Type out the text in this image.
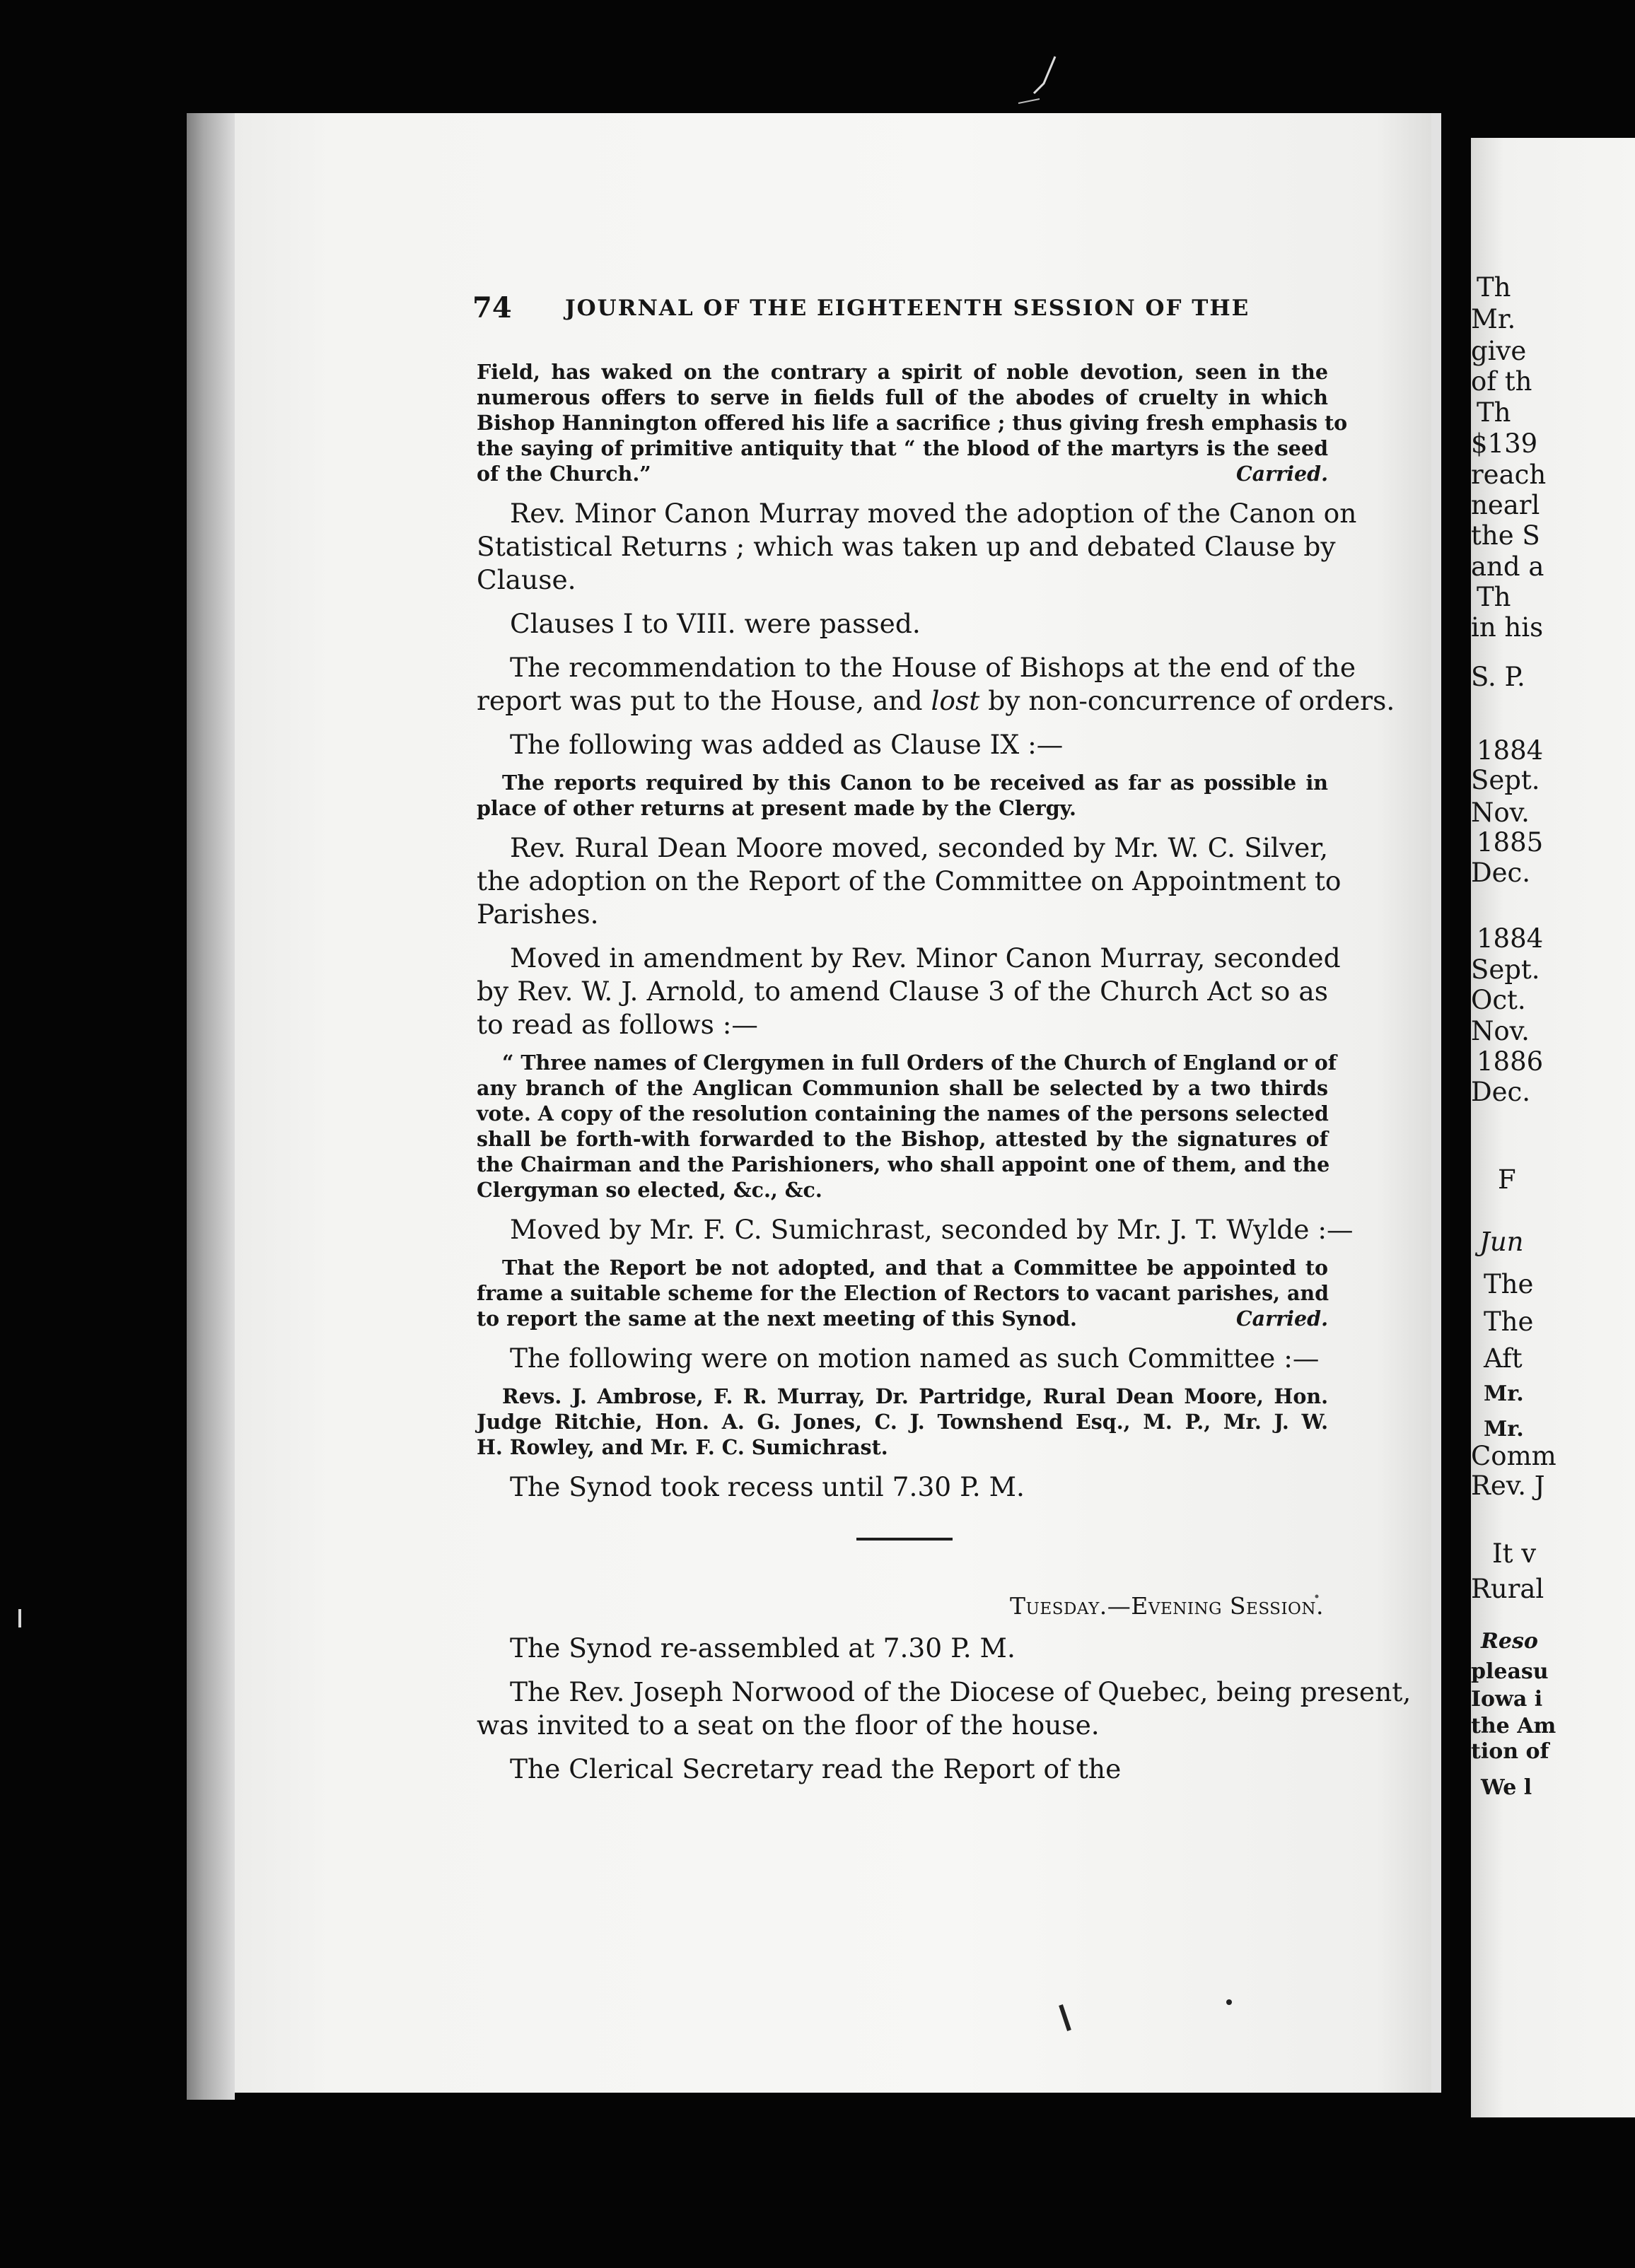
Th
Mr.
give
of th
Th
$139
reach
nearl
the S
and a
Th
in his
S. P.
1884
Sept.
Nov.
1885
Dec.
1884
Sept.
Oct.
Nov.
1886
Dec.
F
Jun
The
The
Aft
Mr.
Mr.
Comm
Rev. J
It v
Rural
Reso
pleasu
Iowa i
the Am
tion of
We l
74 JOURNAL OF THE EIGHTEENTH SESSION OF THE
Field, has waked on the contrary a spirit of noble devotion, seen in the
numerous offers to serve in fields full of the abodes of cruelty in which
Bishop Hannington offered his life a sacrifice ; thus giving fresh emphasis to
the saying of primitive antiquity that “ the blood of the martyrs is the seed
of the Church.”	Carried.
Rev. Minor Canon Murray moved the adoption of the Canon on
Statistical Returns ; which was taken up and debated Clause by
Clause.
Clauses I to VIII. were passed.
The recommendation to the House of Bishops at the end of the
report was put to the House, and lost by non-concurrence of orders.
The following was added as Clause IX :—
The reports required by this Canon to be received as far as possible in
place of other returns at present made by the Clergy.
Rev. Rural Dean Moore moved, seconded by Mr. W. C. Silver,
the adoption on the Report of the Committee on Appointment to
Parishes.
Moved in amendment by Rev. Minor Canon Murray, seconded
by Rev. W. J. Arnold, to amend Clause 3 of the Church Act so as
to read as follows :—
“ Three names of Clergymen in full Orders of the Church of England or of
any branch of the Anglican Communion shall be selected by a two thirds
vote. A copy of the resolution containing the names of the persons selected
shall be forth-with forwarded to the Bishop, attested by the signatures of
the Chairman and the Parishioners, who shall appoint one of them, and the
Clergyman so elected, &c., &c.
Moved by Mr. F. C. Sumichrast, seconded by Mr. J. T. Wylde :—
That the Report be not adopted, and that a Committee be appointed to
frame a suitable scheme for the Election of Rectors to vacant parishes, and
to report the same at the next meeting of this Synod.	Carried.
The following were on motion named as such Committee :—
Revs. J. Ambrose, F. R. Murray, Dr. Partridge, Rural Dean Moore, Hon.
Judge Ritchie, Hon. A. G. Jones, C. J. Townshend Esq., M. P., Mr. J. W.
H. Rowley, and Mr. F. C. Sumichrast.
The Synod took recess until 7.30 P. M.
Tuesday.—Evening Session.
The Synod re-assembled at 7.30 P. M.
The Rev. Joseph Norwood of the Diocese of Quebec, being present,
was invited to a seat on the floor of the house.
The Clerical Secretary read the Report of the
